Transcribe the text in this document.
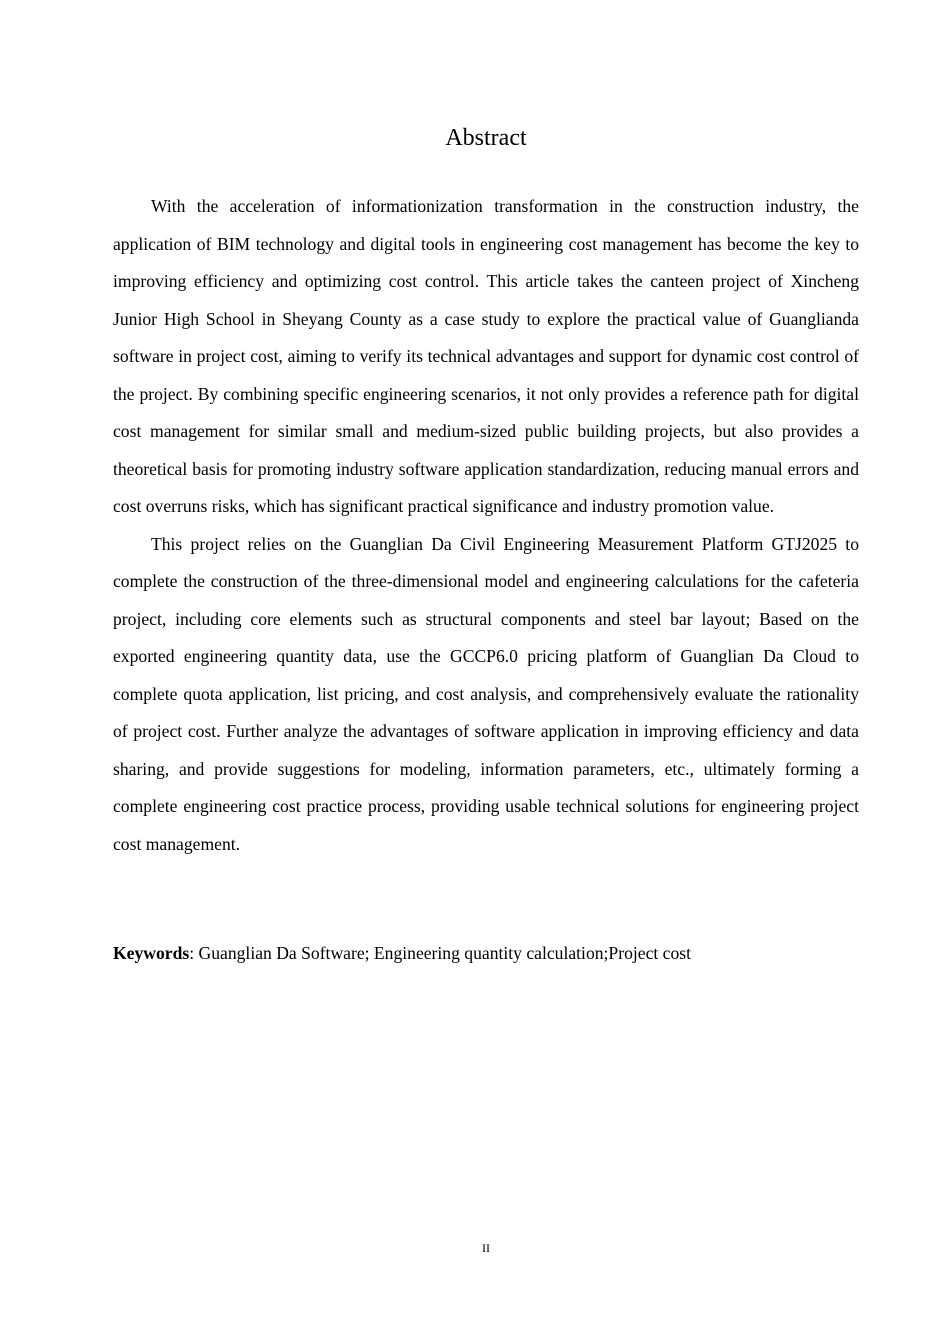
Abstract

With the acceleration of informationization transformation in the construction industry, the application of BIM technology and digital tools in engineering cost management has become the key to improving efficiency and optimizing cost control. This article takes the canteen project of Xincheng Junior High School in Sheyang County as a case study to explore the practical value of Guanglianda software in project cost, aiming to verify its technical advantages and support for dynamic cost control of the project. By combining specific engineering scenarios, it not only provides a reference path for digital cost management for similar small and medium-sized public building projects, but also provides a theoretical basis for promoting industry software application standardization, reducing manual errors and cost overruns risks, which has significant practical significance and industry promotion value.

This project relies on the Guanglian Da Civil Engineering Measurement Platform GTJ2025 to complete the construction of the three-dimensional model and engineering calculations for the cafeteria project, including core elements such as structural components and steel bar layout; Based on the exported engineering quantity data, use the GCCP6.0 pricing platform of Guanglian Da Cloud to complete quota application, list pricing, and cost analysis, and comprehensively evaluate the rationality of project cost. Further analyze the advantages of software application in improving efficiency and data sharing, and provide suggestions for modeling, information parameters, etc., ultimately forming a complete engineering cost practice process, providing usable technical solutions for engineering project cost management.

Keywords: Guanglian Da Software; Engineering quantity calculation;Project cost

II
